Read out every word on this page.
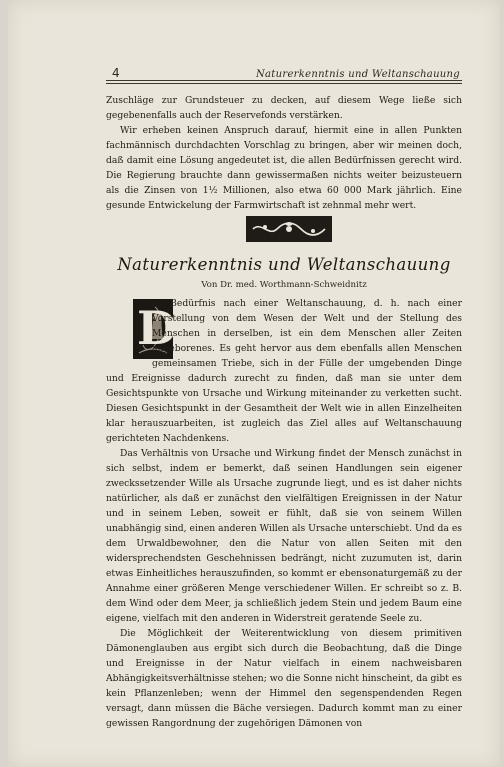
4	Naturerkenntnis und Weltanschauung

Zuschläge zur Grundsteuer zu decken, auf diesem Wege ließe sich gegebenenfalls auch der Reservefonds verstärken.

Wir erheben keinen Anspruch darauf, hiermit eine in allen Punkten fachmännisch durchdachten Vorschlag zu bringen, aber wir meinen doch, daß damit eine Lösung angedeutet ist, die allen Bedürfnissen gerecht wird. Die Regierung brauchte dann gewissermaßen nichts weiter beizusteuern als die Zinsen von 1½ Millionen, also etwa 60 000 Mark jährlich. Eine gesunde Entwickelung der Farmwirtschaft ist zehnmal mehr wert.

Naturerkenntnis und Weltanschauung
Von Dr. med. Worthmann-Schweidnitz
D

as Bedürfnis nach einer Weltanschauung, d. h. nach einer Vorstellung von dem Wesen der Welt und der Stellung des Menschen in derselben, ist ein dem Menschen aller Zeiten angeborenes. Es geht hervor aus dem ebenfalls allen Menschen gemeinsamen Triebe, sich in der Fülle der umgebenden Dinge und Ereignisse dadurch zurecht zu finden, daß man sie unter dem Gesichtspunkte von Ursache und Wirkung miteinander zu verketten sucht. Diesen Gesichtspunkt in der Gesamtheit der Welt wie in allen Einzelheiten klar herauszuarbeiten, ist zugleich das Ziel alles auf Weltanschauung gerichteten Nachdenkens.

Das Verhältnis von Ursache und Wirkung findet der Mensch zunächst in sich selbst, indem er bemerkt, daß seinen Handlungen sein eigener zweckssetzender Wille als Ursache zugrunde liegt, und es ist daher nichts natürlicher, als daß er zunächst den vielfältigen Ereignissen in der Natur und in seinem Leben, soweit er fühlt, daß sie von seinem Willen unabhängig sind, einen anderen Willen als Ursache unterschiebt. Und da es dem Urwaldbewohner, den die Natur von allen Seiten mit den widersprechendsten Geschehnissen bedrängt, nicht zuzumuten ist, darin etwas Einheitliches herauszufinden, so kommt er ebensonaturgemäß zu der Annahme einer größeren Menge verschiedener Willen. Er schreibt so z. B. dem Wind oder dem Meer, ja schließlich jedem Stein und jedem Baum eine eigene, vielfach mit den anderen in Widerstreit geratende Seele zu.

Die Möglichkeit der Weiterentwicklung von diesem primitiven Dämonenglauben aus ergibt sich durch die Beobachtung, daß die Dinge und Ereignisse in der Natur vielfach in einem nachweisbaren Abhängigkeitsverhältnisse stehen; wo die Sonne nicht hinscheint, da gibt es kein Pflanzenleben; wenn der Himmel den segenspendenden Regen versagt, dann müssen die Bäche versiegen. Dadurch kommt man zu einer gewissen Rangordnung der zugehörigen Dämonen von
